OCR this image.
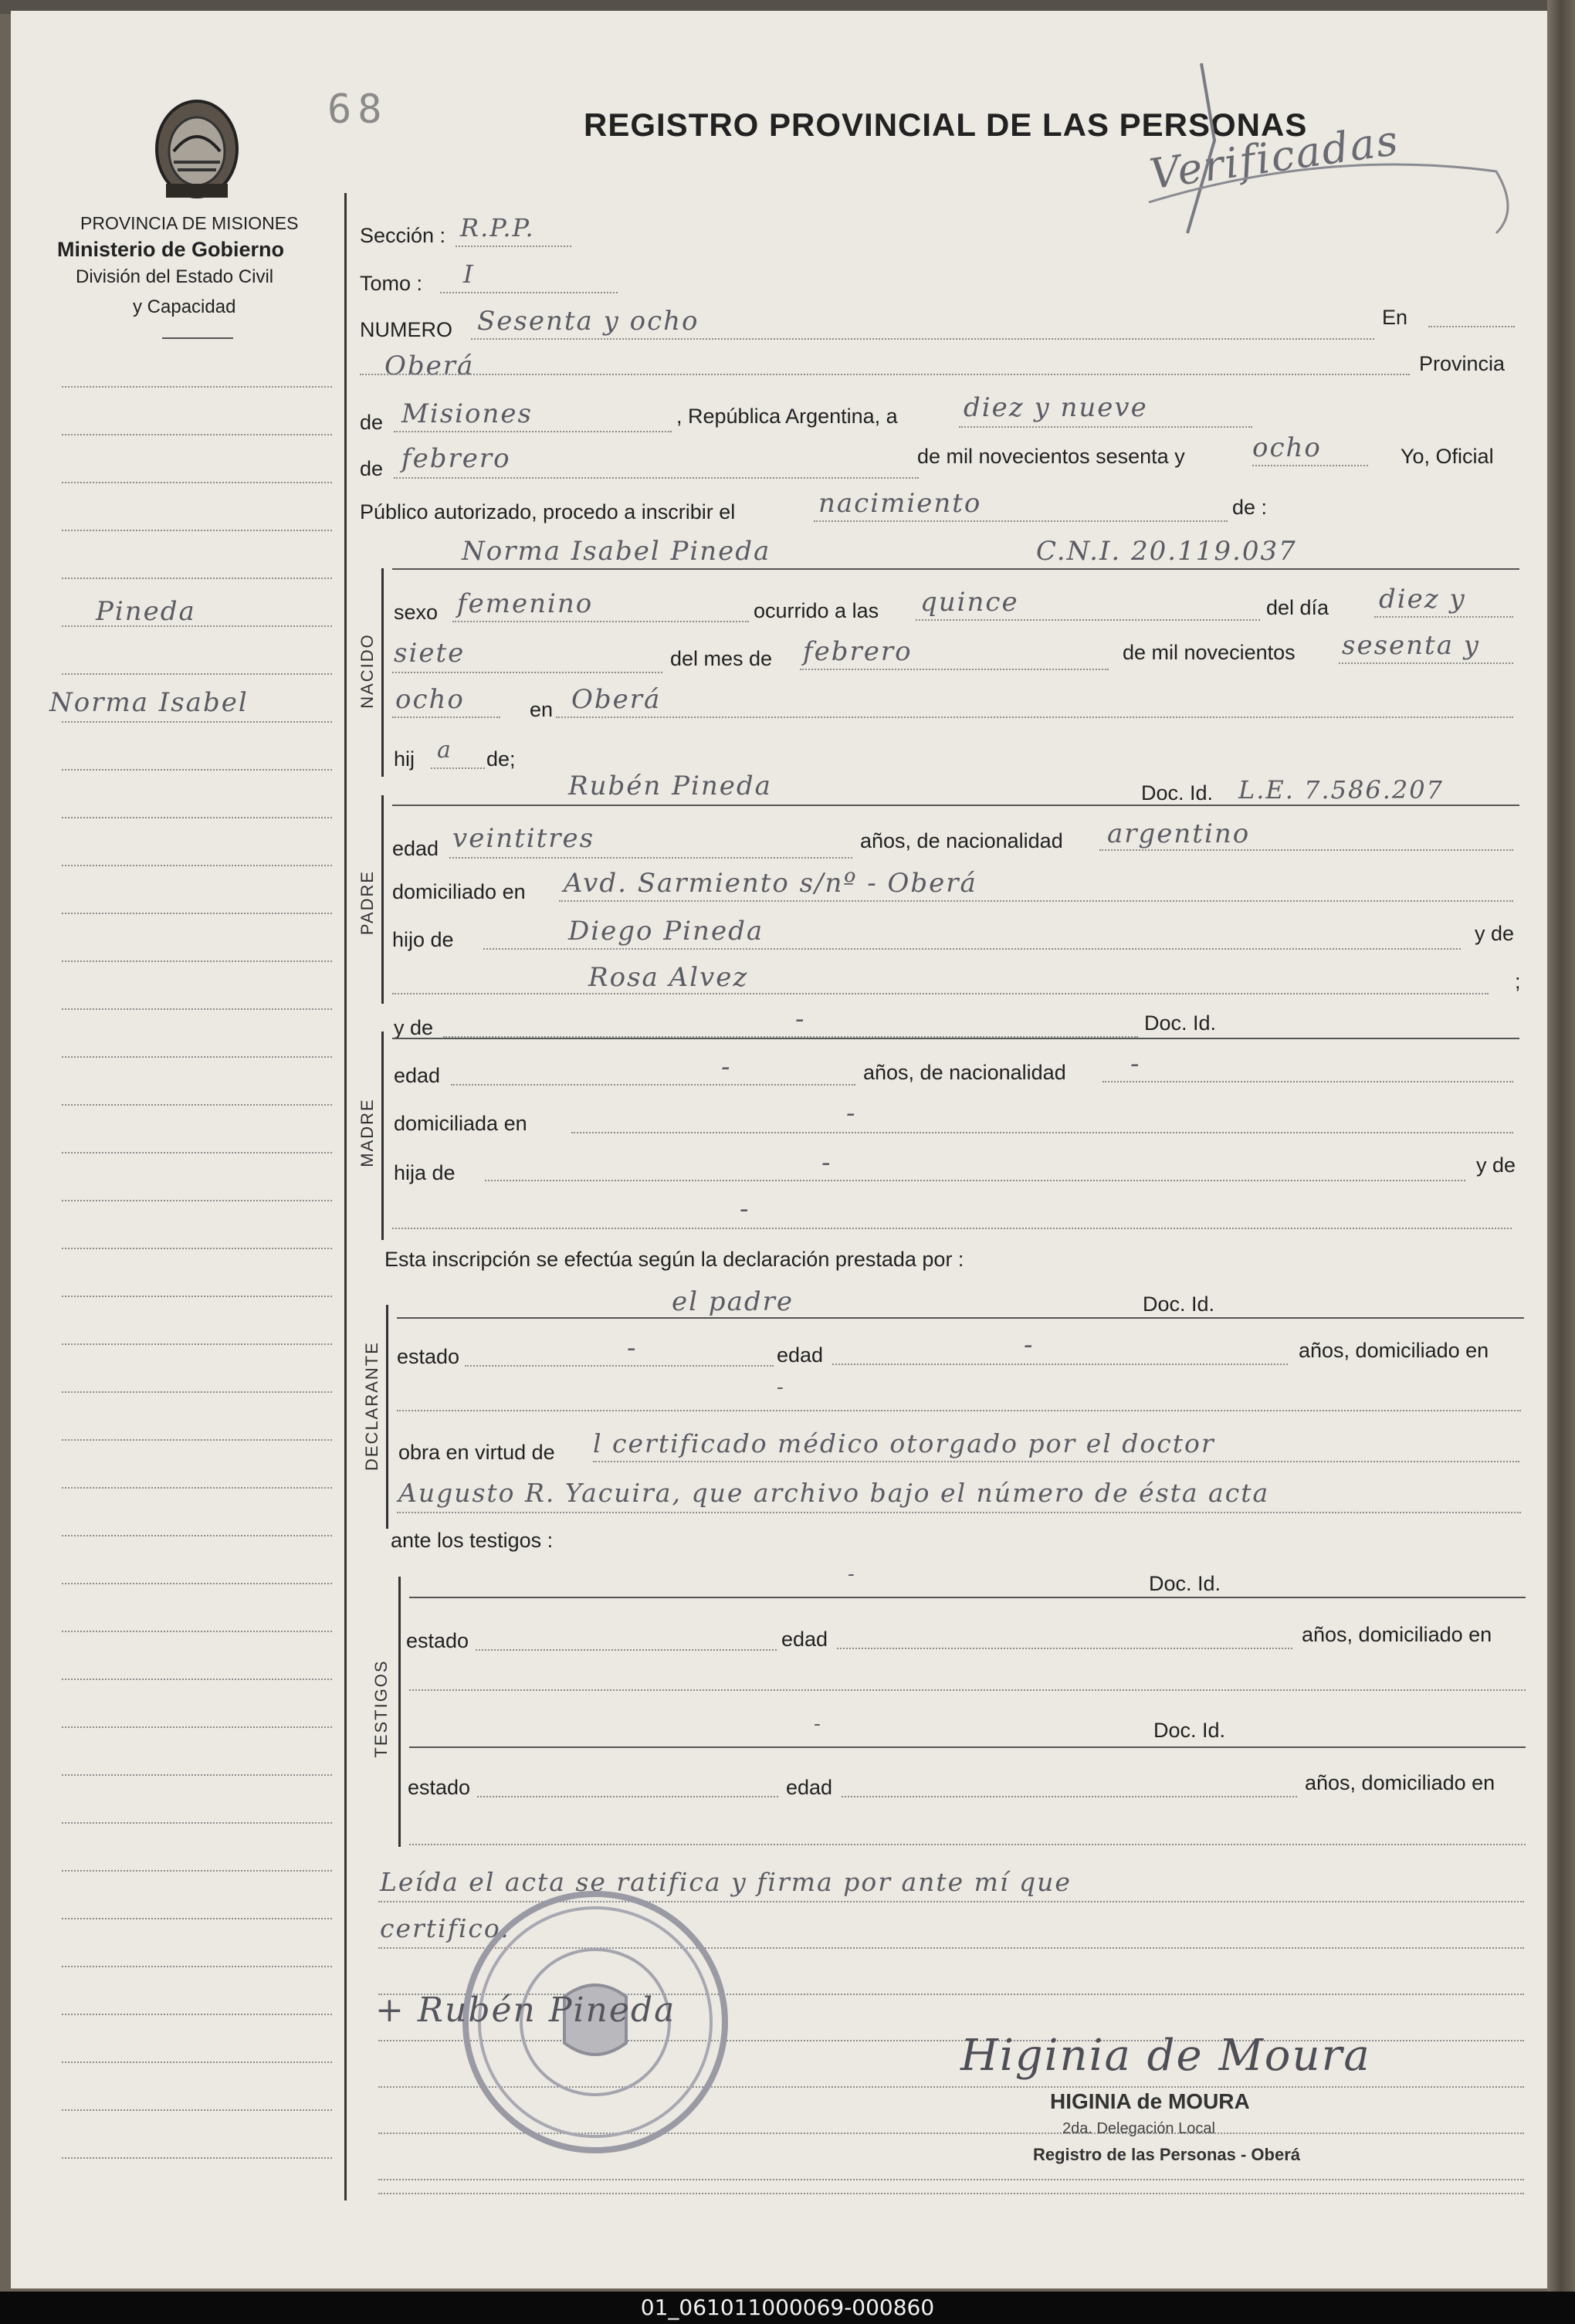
PROVINCIA DE MISIONES
Ministerio de Gobierno
División del Estado Civil
y Capacidad
68	REGISTRO PROVINCIAL DE LAS PERSONAS
Verificadas
Pineda
Norma Isabel
Sección : R.P.P.
Tomo : I
NUMERO Sesenta y ocho	En
Oberá	Provincia
de Misiones	, República Argentina, a	diez y nueve
de febrero	de mil novecientos sesenta y	ocho	Yo, Oficial
Público autorizado, procedo a inscribir el	nacimiento	de :
NACIDO
Norma Isabel Pineda	C.N.I. 20.119.037
sexo femenino	ocurrido a las quince	del día diez y
siete	del mes de febrero	de mil novecientos sesenta y
ocho	en Oberá
hij a de;
PADRE
Rubén Pineda	Doc. Id. L.E. 7.586.207
edad veintitres	años, de nacionalidad argentino
domiciliado en Avd. Sarmiento s/nº - Oberá
hijo de	Diego Pineda	y de
Rosa Alvez	;
MADRE
y de	-	Doc. Id.
edad	-	años, de nacionalidad -
domiciliada en	-
hija de	-	y de
-
Esta inscripción se efectúa según la declaración prestada por :
DECLARANTE
el padre	Doc. Id.
estado	-	edad	-	años, domiciliado en
-
obra en virtud de l certificado médico otorgado por el doctor
Augusto R. Yacuira, que archivo bajo el número de ésta acta
ante los testigos :
TESTIGOS
-	Doc. Id.
estado	edad	años, domiciliado en
-	Doc. Id.
estado	edad	años, domiciliado en
Leída el acta se ratifica y firma por ante mí que
certifico.
+ Rubén Pineda
Higinia de Moura
HIGINIA de MOURA
2da. Delegación Local
Registro de las Personas - Oberá
01_061011000069-000860
